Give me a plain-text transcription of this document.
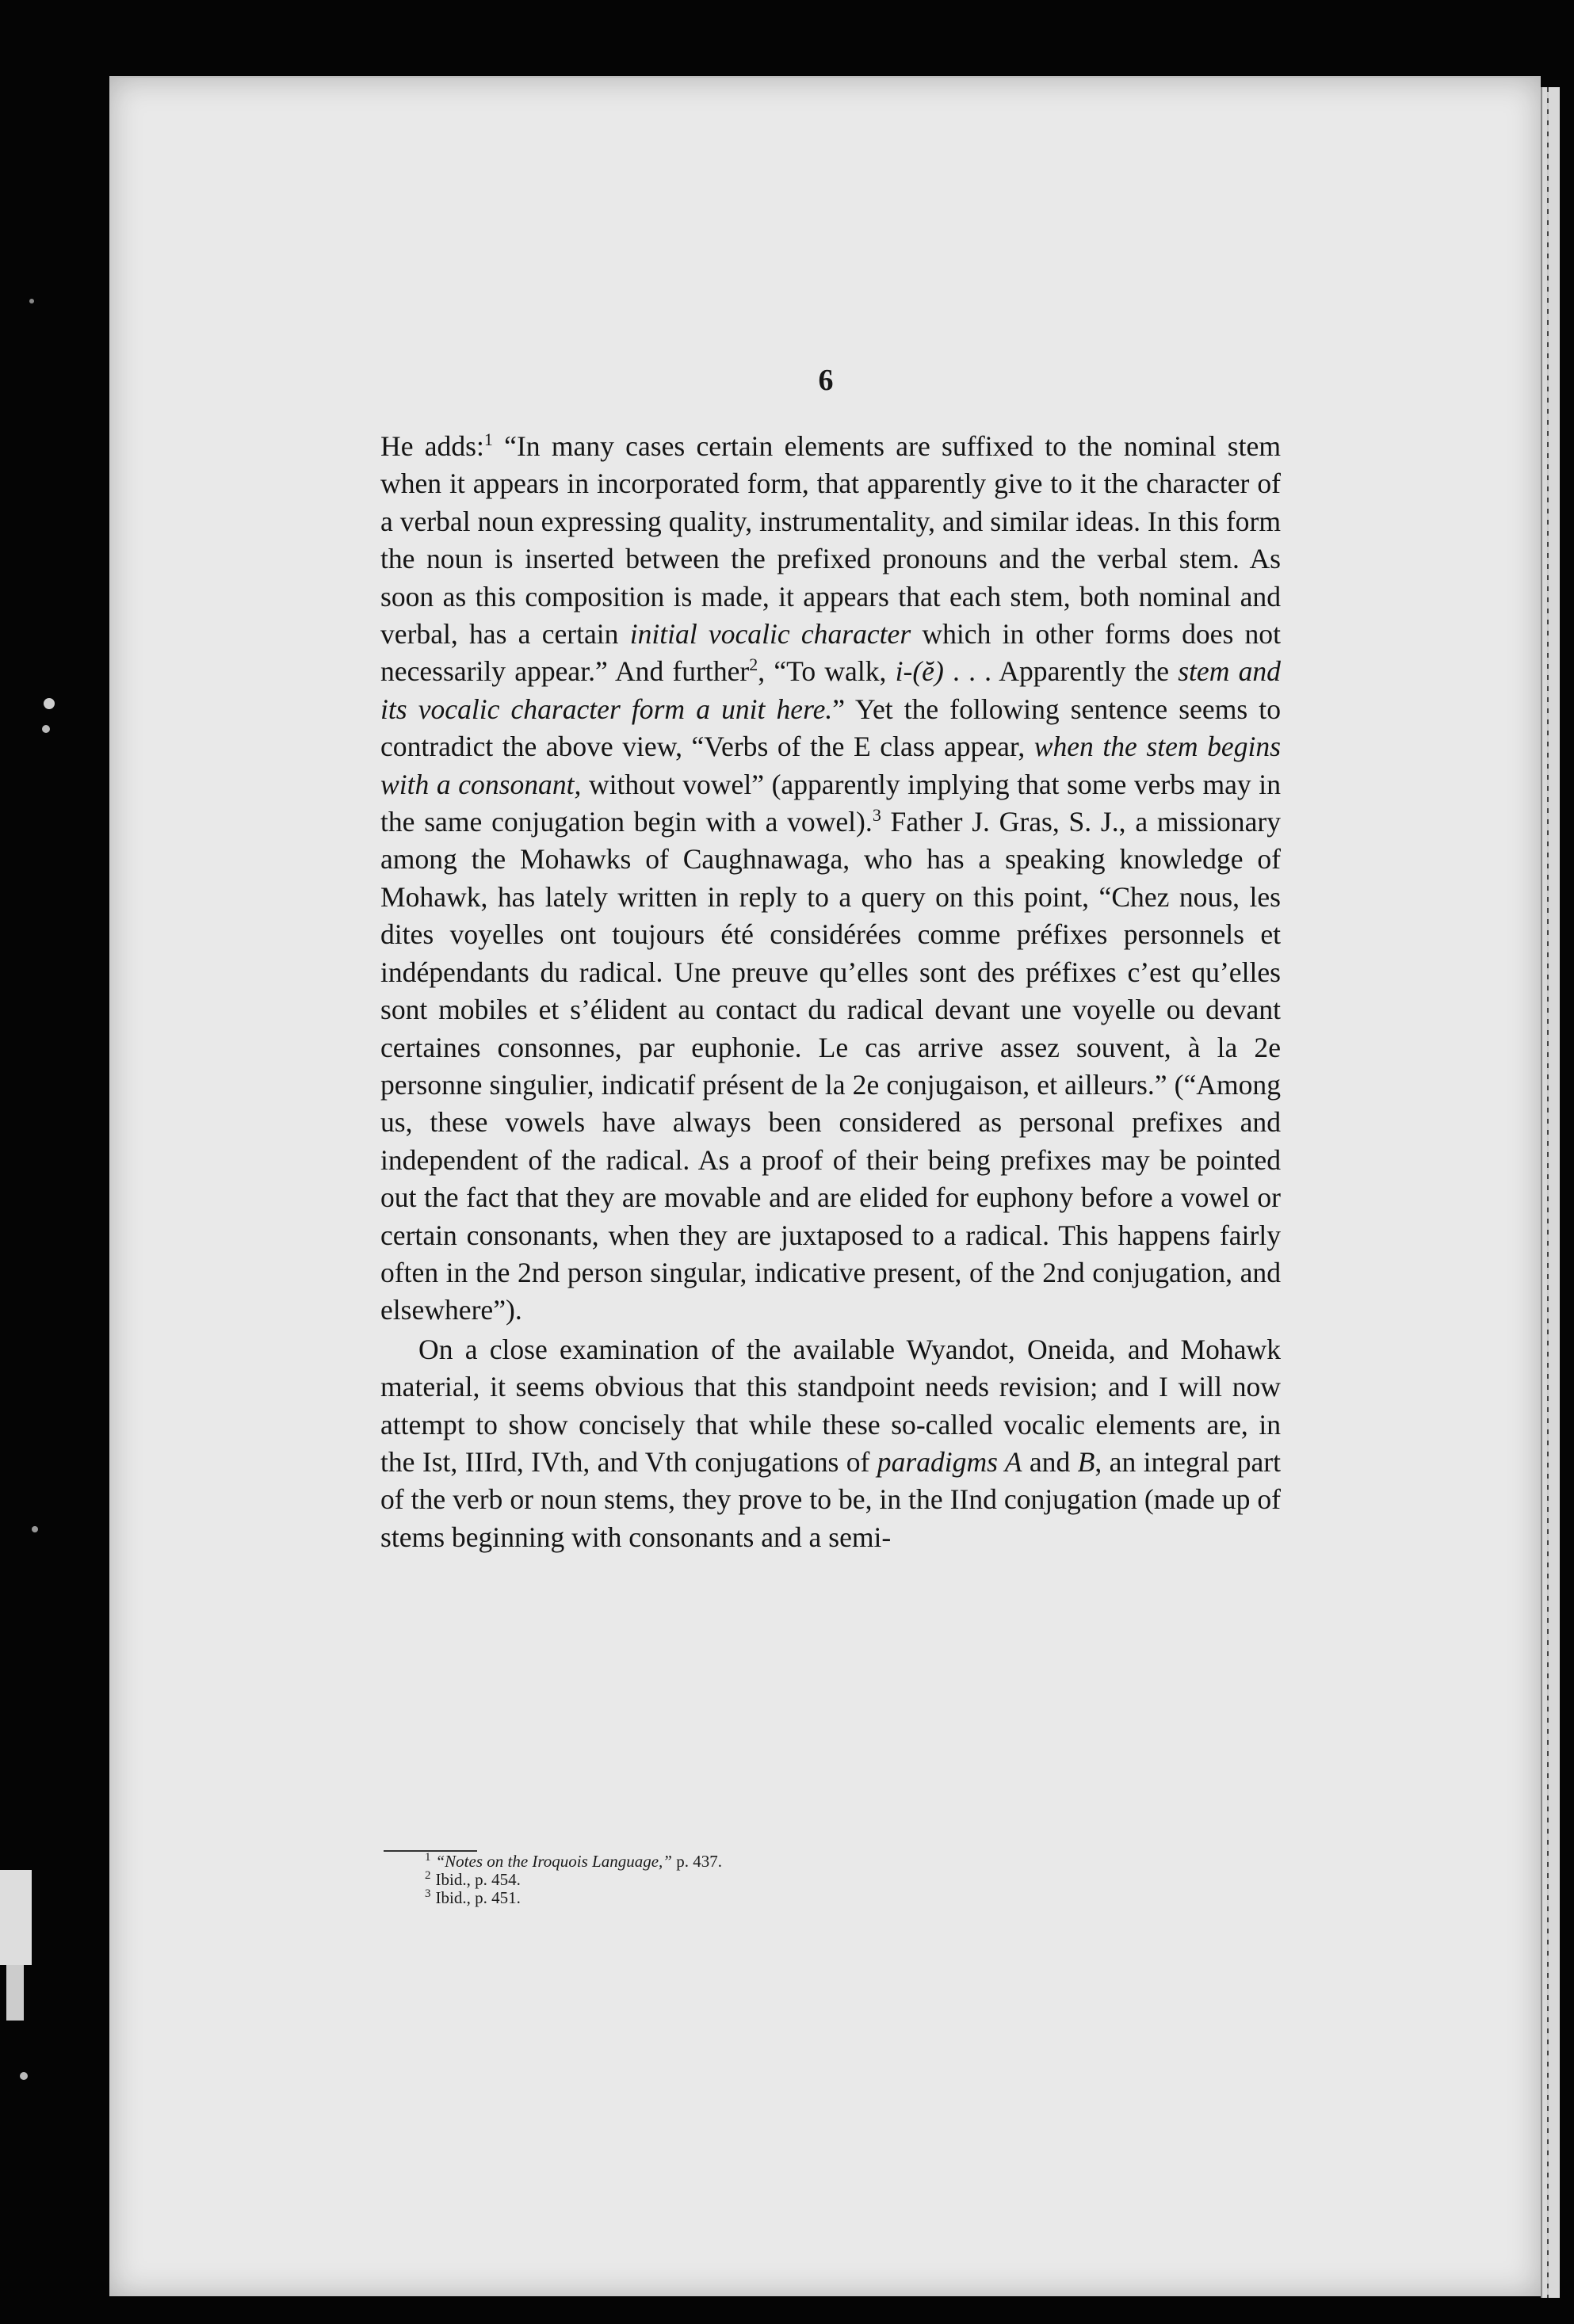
6

He adds:$^1$ “In many cases certain elements are suffixed to the nominal stem when it appears in incorporated form, that apparently give to it the character of a verbal noun expressing quality, instrumentality, and similar ideas. In this form the noun is inserted between the prefixed pronouns and the verbal stem. As soon as this composition is made, it appears that each stem, both nominal and verbal, has a certain initial vocalic character which in other forms does not necessarily appear.” And further$^2$, “To walk, i-(ĕ) . . . Apparently the stem and its vocalic character form a unit here.” Yet the following sentence seems to contradict the above view, “Verbs of the E class appear, when the stem begins with a consonant, without vowel” (apparently implying that some verbs may in the same conjugation begin with a vowel).$^3$ Father J. Gras, S. J., a missionary among the Mohawks of Caughnawaga, who has a speaking knowledge of Mohawk, has lately written in reply to a query on this point, “Chez nous, les dites voyelles ont toujours été considérées comme préfixes personnels et indépendants du radical. Une preuve qu’elles sont des préfixes c’est qu’elles sont mobiles et s’élident au contact du radical devant une voyelle ou devant certaines consonnes, par euphonie. Le cas arrive assez souvent, à la 2e personne singulier, indicatif présent de la 2e conjugaison, et ailleurs.” (“Among us, these vowels have always been considered as personal prefixes and independent of the radical. As a proof of their being prefixes may be pointed out the fact that they are movable and are elided for euphony before a vowel or certain consonants, when they are juxtaposed to a radical. This happens fairly often in the 2nd person singular, indicative present, of the 2nd conjugation, and elsewhere”).

On a close examination of the available Wyandot, Oneida, and Mohawk material, it seems obvious that this standpoint needs revision; and I will now attempt to show concisely that while these so-called vocalic elements are, in the Ist, IIIrd, IVth, and Vth conjugations of paradigms A and B, an integral part of the verb or noun stems, they prove to be, in the IInd conjugation (made up of stems beginning with consonants and a semi-

$^1$ “Notes on the Iroquois Language,” p. 437.
$^2$ Ibid., p. 454.
$^3$ Ibid., p. 451.
